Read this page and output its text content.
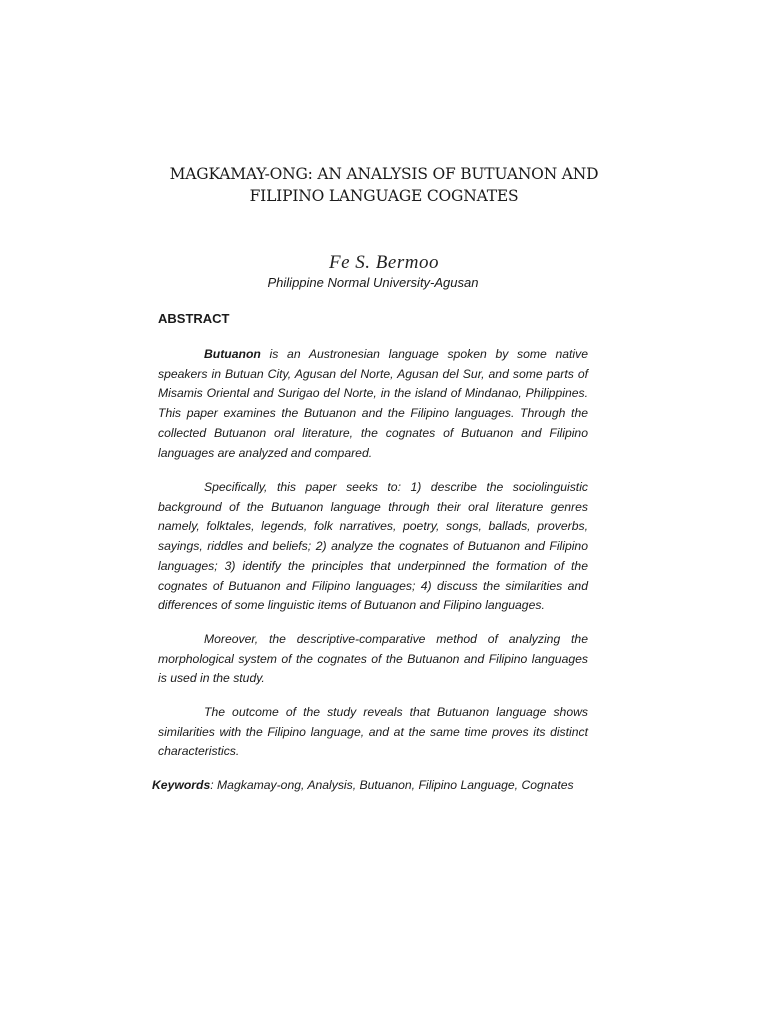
MAGKAMAY-ONG: AN ANALYSIS OF BUTUANON AND
FILIPINO LANGUAGE COGNATES
Fe S. Bermoo
Philippine Normal University-Agusan
ABSTRACT

Butuanon is an Austronesian language spoken by some native speakers in Butuan City, Agusan del Norte, Agusan del Sur, and some parts of Misamis Oriental and Surigao del Norte, in the island of Mindanao, Philippines. This paper examines the Butuanon and the Filipino languages. Through the collected Butuanon oral literature, the cognates of Butuanon and Filipino languages are analyzed and compared.

Specifically, this paper seeks to: 1) describe the sociolinguistic background of the Butuanon language through their oral literature genres namely, folktales, legends, folk narratives, poetry, songs, ballads, proverbs, sayings, riddles and beliefs; 2) analyze the cognates of Butuanon and Filipino languages; 3) identify the principles that underpinned the formation of the cognates of Butuanon and Filipino languages; 4) discuss the similarities and differences of some linguistic items of Butuanon and Filipino languages.

Moreover, the descriptive-comparative method of analyzing the morphological system of the cognates of the Butuanon and Filipino languages is used in the study.

The outcome of the study reveals that Butuanon language shows similarities with the Filipino language, and at the same time proves its distinct characteristics.

Keywords: Magkamay-ong, Analysis, Butuanon, Filipino Language, Cognates
